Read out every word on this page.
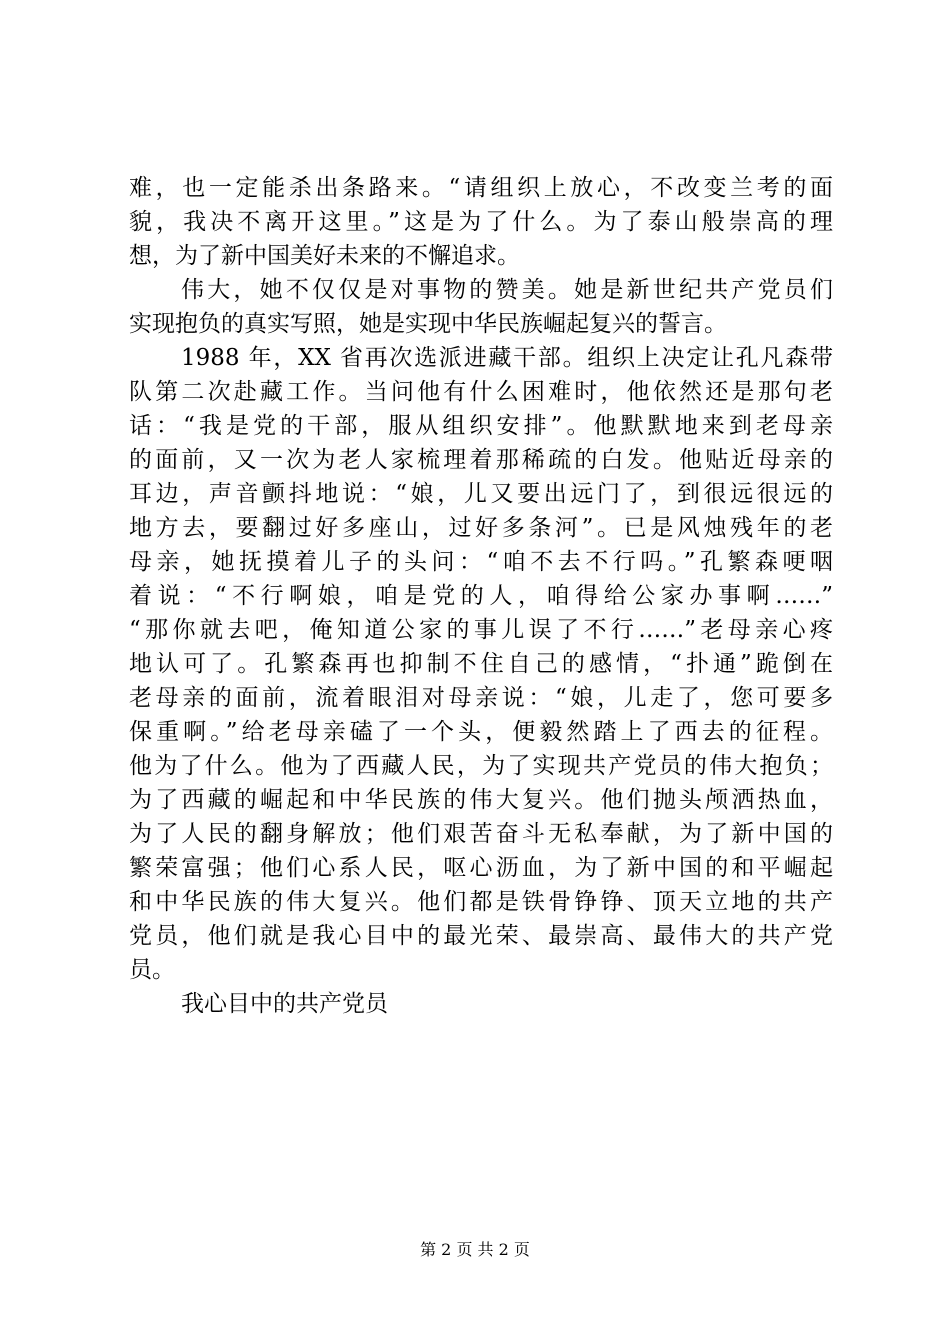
难，也一定能杀出条路来。“请组织上放心，不改变兰考的面
貌，我决不离开这里。”这是为了什么。为了泰山般崇高的理
想，为了新中国美好未来的不懈追求。
伟大，她不仅仅是对事物的赞美。她是新世纪共产党员们
实现抱负的真实写照，她是实现中华民族崛起复兴的誓言。
1988 年，XX 省再次选派进藏干部。组织上决定让孔凡森带
队第二次赴藏工作。当问他有什么困难时，他依然还是那句老
话：“我是党的干部，服从组织安排”。他默默地来到老母亲
的面前，又一次为老人家梳理着那稀疏的白发。他贴近母亲的
耳边，声音颤抖地说：“娘，儿又要出远门了，到很远很远的
地方去，要翻过好多座山，过好多条河”。已是风烛残年的老
母亲，她抚摸着儿子的头问：“咱不去不行吗。”孔繁森哽咽
着说：“不行啊娘，咱是党的人，咱得给公家办事啊……”
“那你就去吧，俺知道公家的事儿误了不行……”老母亲心疼
地认可了。孔繁森再也抑制不住自己的感情，“扑通”跪倒在
老母亲的面前，流着眼泪对母亲说：“娘，儿走了，您可要多
保重啊。”给老母亲磕了一个头，便毅然踏上了西去的征程。
他为了什么。他为了西藏人民，为了实现共产党员的伟大抱负；
为了西藏的崛起和中华民族的伟大复兴。他们抛头颅洒热血，
为了人民的翻身解放；他们艰苦奋斗无私奉献，为了新中国的
繁荣富强；他们心系人民，呕心沥血，为了新中国的和平崛起
和中华民族的伟大复兴。他们都是铁骨铮铮、顶天立地的共产
党员，他们就是我心目中的最光荣、最崇高、最伟大的共产党
员。
我心目中的共产党员
第 2 页 共 2 页
